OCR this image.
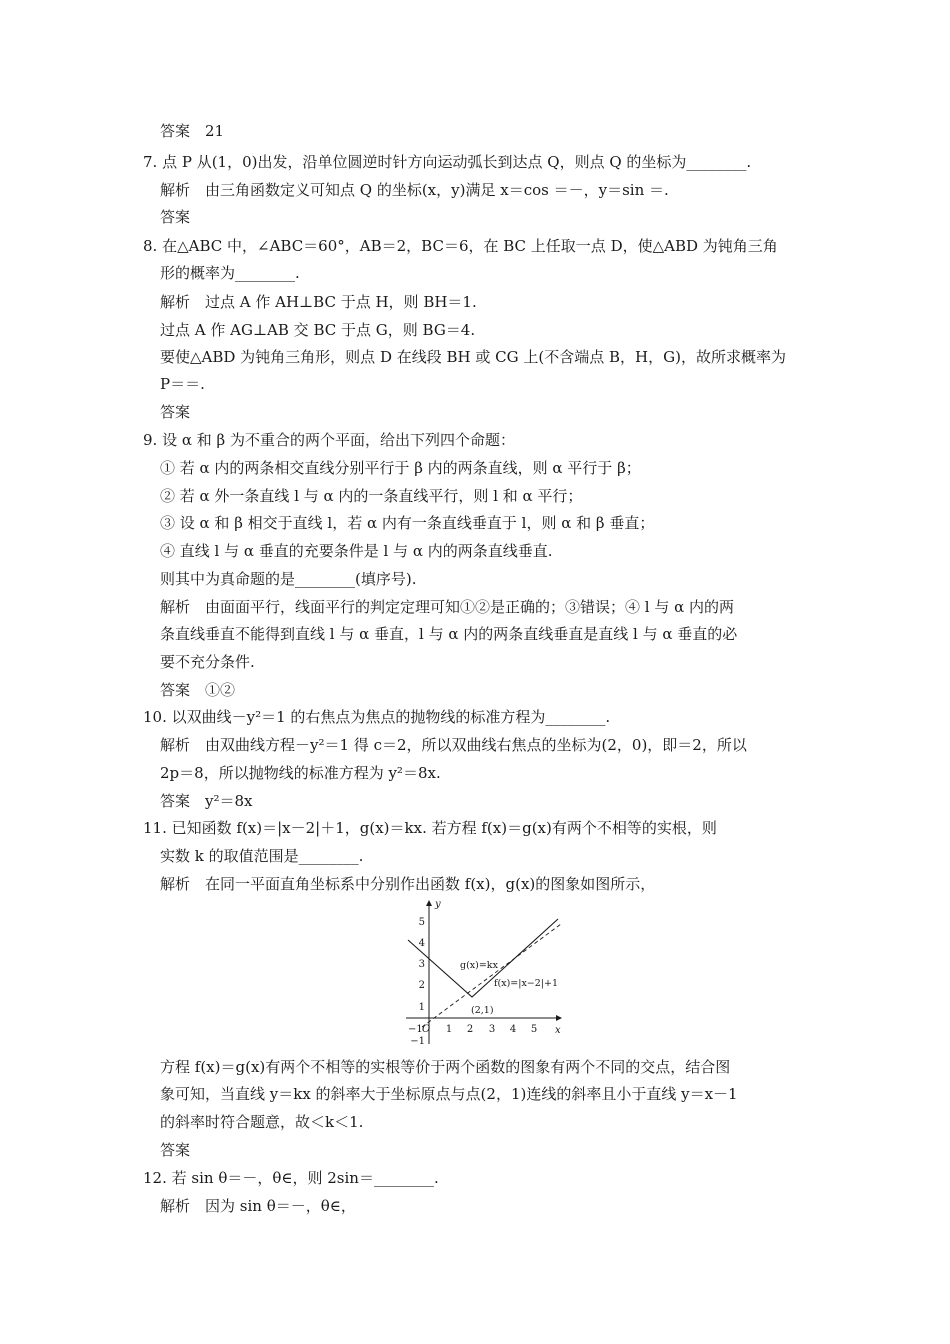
答案　21
7. 点 P 从(1，0)出发，沿单位圆逆时针方向运动弧长到达点 Q，则点 Q 的坐标为________.
解析　由三角函数定义可知点 Q 的坐标(x，y)满足 x＝cos ＝－，y＝sin ＝.
答案
8. 在△ABC 中，∠ABC＝60°，AB＝2，BC＝6，在 BC 上任取一点 D，使△ABD 为钝角三角
形的概率为________.
解析　过点 A 作 AH⊥BC 于点 H，则 BH＝1.
过点 A 作 AG⊥AB 交 BC 于点 G，则 BG＝4.
要使△ABD 为钝角三角形，则点 D 在线段 BH 或 CG 上(不含端点 B，H，G)，故所求概率为
P＝＝.
答案
9. 设 α 和 β 为不重合的两个平面，给出下列四个命题：
① 若 α 内的两条相交直线分别平行于 β 内的两条直线，则 α 平行于 β；
② 若 α 外一条直线 l 与 α 内的一条直线平行，则 l 和 α 平行；
③ 设 α 和 β 相交于直线 l，若 α 内有一条直线垂直于 l，则 α 和 β 垂直；
④ 直线 l 与 α 垂直的充要条件是 l 与 α 内的两条直线垂直.
则其中为真命题的是________(填序号).
解析　由面面平行，线面平行的判定定理可知①②是正确的；③错误；④ l 与 α 内的两
条直线垂直不能得到直线 l 与 α 垂直，l 与 α 内的两条直线垂直是直线 l 与 α 垂直的必
要不充分条件.
答案　①②
10. 以双曲线－y²＝1 的右焦点为焦点的抛物线的标准方程为________.
解析　由双曲线方程－y²＝1 得 c＝2，所以双曲线右焦点的坐标为(2，0)，即＝2，所以
2p＝8，所以抛物线的标准方程为 y²＝8x.
答案　y²＝8x
11. 已知函数 f(x)＝|x－2|＋1，g(x)＝kx. 若方程 f(x)＝g(x)有两个不相等的实根，则
实数 k 的取值范围是________.
解析　在同一平面直角坐标系中分别作出函数 f(x)，g(x)的图象如图所示，
y
x
O
−1 1 2 3 4 5
1
2
3
4
5
−1
g(x)=kx
f(x)=|x−2|+1
(2,1)
方程 f(x)＝g(x)有两个不相等的实根等价于两个函数的图象有两个不同的交点，结合图
象可知，当直线 y＝kx 的斜率大于坐标原点与点(2，1)连线的斜率且小于直线 y＝x－1
的斜率时符合题意，故＜k＜1.
答案
12. 若 sin θ＝－，θ∈，则 2sin＝________.
解析　因为 sin θ＝－，θ∈，
